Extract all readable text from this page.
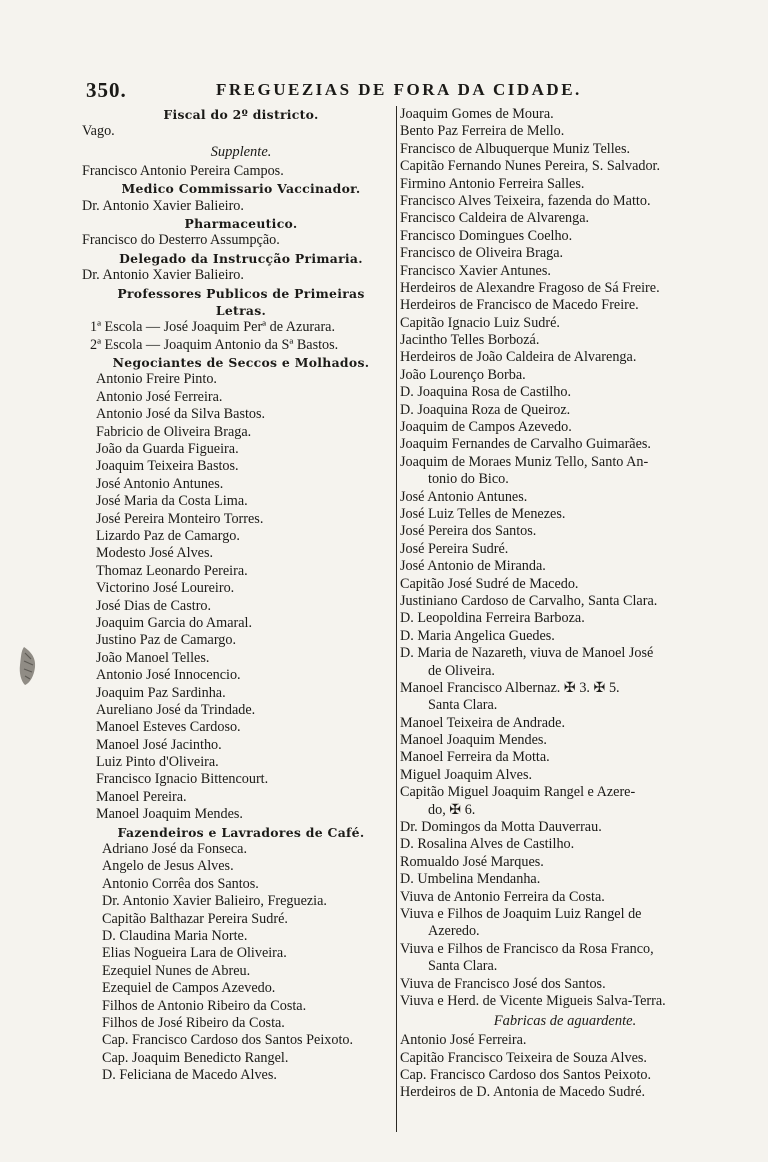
350.	FREGUEZIAS DE FORA DA CIDADE.
Fiscal do 2º districto.
Vago.
Supplente.
Francisco Antonio Pereira Campos.
Medico Commissario Vaccinador.
Dr. Antonio Xavier Balieiro.
Pharmaceutico.
Francisco do Desterro Assumpção.
Delegado da Instrucção Primaria.
Dr. Antonio Xavier Balieiro.
Professores Publicos de Primeiras
Letras.
1ª Escola — José Joaquim Perª de Azurara.
2ª Escola — Joaquim Antonio da Sª Bastos.
Negociantes de Seccos e Molhados.
Antonio Freire Pinto.
Antonio José Ferreira.
Antonio José da Silva Bastos.
Fabricio de Oliveira Braga.
João da Guarda Figueira.
Joaquim Teixeira Bastos.
José Antonio Antunes.
José Maria da Costa Lima.
José Pereira Monteiro Torres.
Lizardo Paz de Camargo.
Modesto José Alves.
Thomaz Leonardo Pereira.
Victorino José Loureiro.
José Dias de Castro.
Joaquim Garcia do Amaral.
Justino Paz de Camargo.
João Manoel Telles.
Antonio José Innocencio.
Joaquim Paz Sardinha.
Aureliano José da Trindade.
Manoel Esteves Cardoso.
Manoel José Jacintho.
Luiz Pinto d'Oliveira.
Francisco Ignacio Bittencourt.
Manoel Pereira.
Manoel Joaquim Mendes.
Fazendeiros e Lavradores de Café.
Adriano José da Fonseca.
Angelo de Jesus Alves.
Antonio Corrêa dos Santos.
Dr. Antonio Xavier Balieiro, Freguezia.
Capitão Balthazar Pereira Sudré.
D. Claudina Maria Norte.
Elias Nogueira Lara de Oliveira.
Ezequiel Nunes de Abreu.
Ezequiel de Campos Azevedo.
Filhos de Antonio Ribeiro da Costa.
Filhos de José Ribeiro da Costa.
Cap. Francisco Cardoso dos Santos Peixoto.
Cap. Joaquim Benedicto Rangel.
D. Feliciana de Macedo Alves.
Joaquim Gomes de Moura.
Bento Paz Ferreira de Mello.
Francisco de Albuquerque Muniz Telles.
Capitão Fernando Nunes Pereira, S. Salvador.
Firmino Antonio Ferreira Salles.
Francisco Alves Teixeira, fazenda do Matto.
Francisco Caldeira de Alvarenga.
Francisco Domingues Coelho.
Francisco de Oliveira Braga.
Francisco Xavier Antunes.
Herdeiros de Alexandre Fragoso de Sá Freire.
Herdeiros de Francisco de Macedo Freire.
Capitão Ignacio Luiz Sudré.
Jacintho Telles Borbozá.
Herdeiros de João Caldeira de Alvarenga.
João Lourenço Borba.
D. Joaquina Rosa de Castilho.
D. Joaquina Roza de Queiroz.
Joaquim de Campos Azevedo.
Joaquim Fernandes de Carvalho Guimarães.
Joaquim de Moraes Muniz Tello, Santo An-
tonio do Bico.
José Antonio Antunes.
José Luiz Telles de Menezes.
José Pereira dos Santos.
José Pereira Sudré.
José Antonio de Miranda.
Capitão José Sudré de Macedo.
Justiniano Cardoso de Carvalho, Santa Clara.
D. Leopoldina Ferreira Barboza.
D. Maria Angelica Guedes.
D. Maria de Nazareth, viuva de Manoel José
de Oliveira.
Manoel Francisco Albernaz. ✠ 3. ✠ 5.
Santa Clara.
Manoel Teixeira de Andrade.
Manoel Joaquim Mendes.
Manoel Ferreira da Motta.
Miguel Joaquim Alves.
Capitão Miguel Joaquim Rangel e Azere-
do, ✠ 6.
Dr. Domingos da Motta Dauverrau.
D. Rosalina Alves de Castilho.
Romualdo José Marques.
D. Umbelina Mendanha.
Viuva de Antonio Ferreira da Costa.
Viuva e Filhos de Joaquim Luiz Rangel de
Azeredo.
Viuva e Filhos de Francisco da Rosa Franco,
Santa Clara.
Viuva de Francisco José dos Santos.
Viuva e Herd. de Vicente Migueis Salva-Terra.
Fabricas de aguardente.
Antonio José Ferreira.
Capitão Francisco Teixeira de Souza Alves.
Cap. Francisco Cardoso dos Santos Peixoto.
Herdeiros de D. Antonia de Macedo Sudré.
